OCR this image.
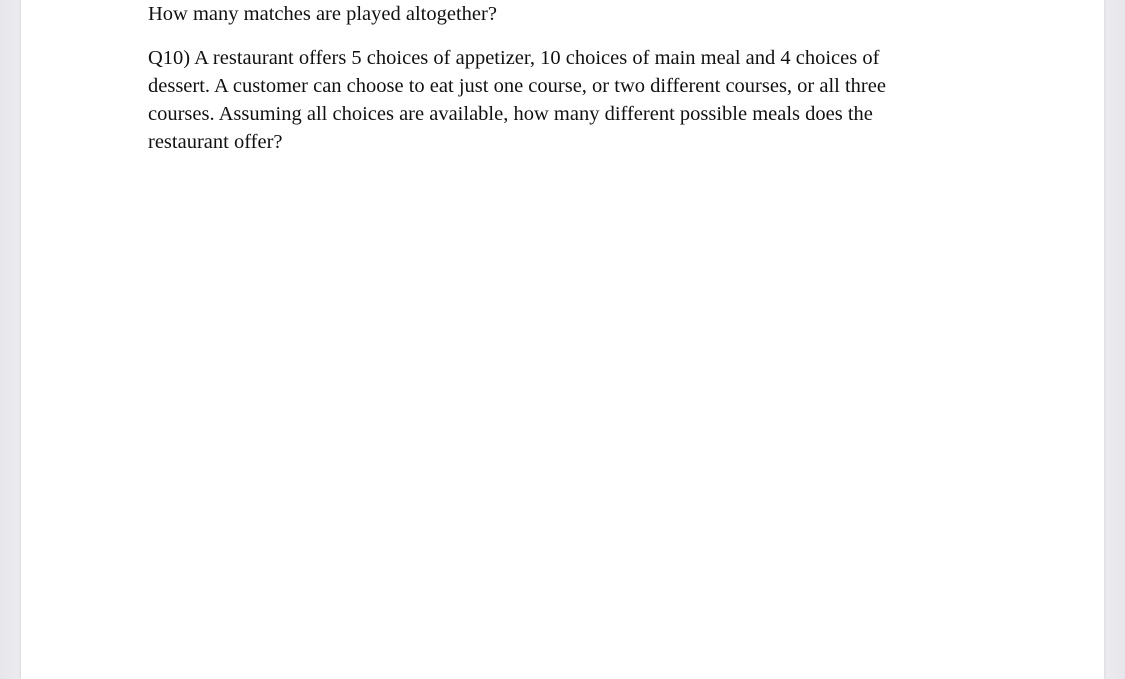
How many matches are played altogether?

Q10) A restaurant offers 5 choices of appetizer, 10 choices of main meal and 4 choices of
dessert. A customer can choose to eat just one course, or two different courses, or all three
courses. Assuming all choices are available, how many different possible meals does the
restaurant offer?
